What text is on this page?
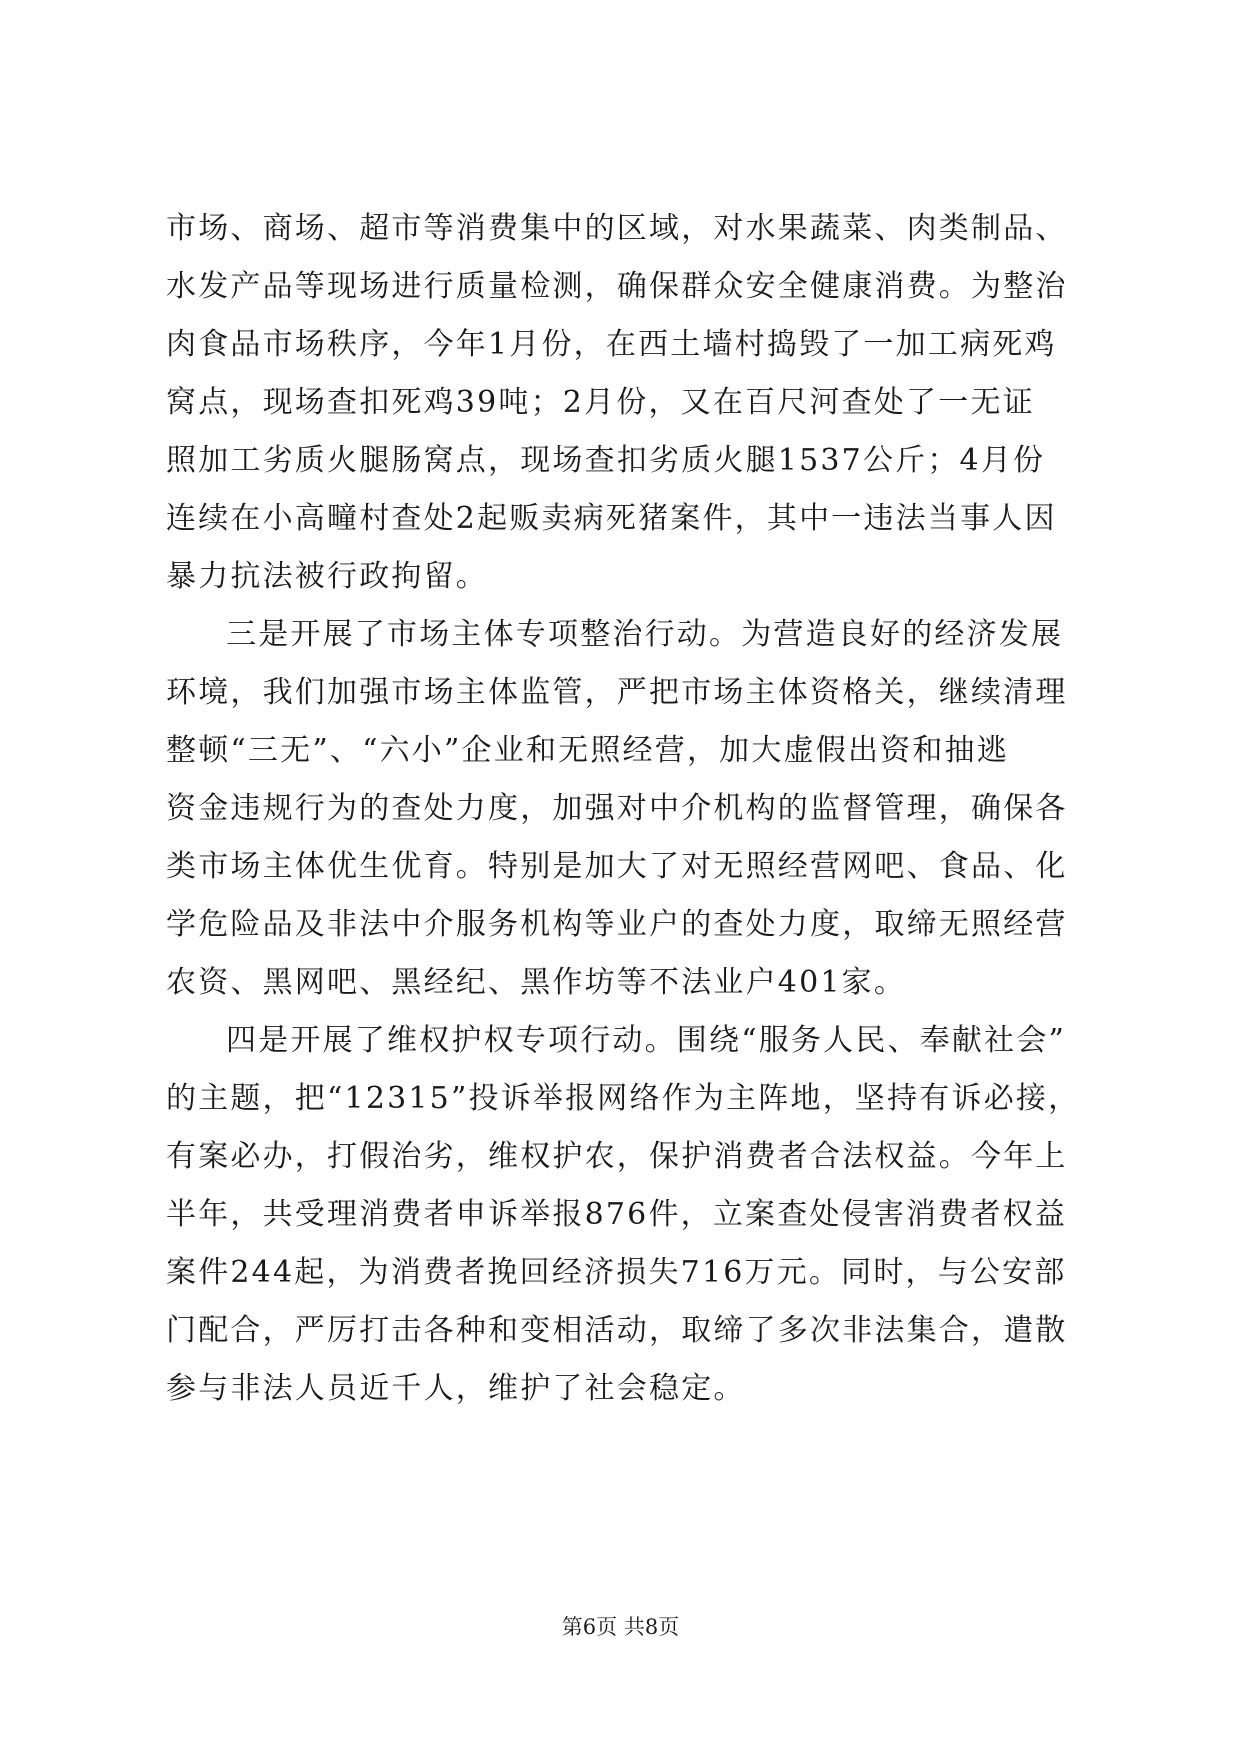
市场、商场、超市等消费集中的区域，对水果蔬菜、肉类制品、
水发产品等现场进行质量检测，确保群众安全健康消费。为整治
肉食品市场秩序，今年1月份，在西土墙村捣毁了一加工病死鸡
窝点，现场查扣死鸡39吨；2月份，又在百尺河查处了一无证
照加工劣质火腿肠窝点，现场查扣劣质火腿1537公斤；4月份
连续在小高疃村查处2起贩卖病死猪案件，其中一违法当事人因
暴力抗法被行政拘留。
三是开展了市场主体专项整治行动。为营造良好的经济发展
环境，我们加强市场主体监管，严把市场主体资格关，继续清理
整顿“三无”、“六小”企业和无照经营，加大虚假出资和抽逃
资金违规行为的查处力度，加强对中介机构的监督管理，确保各
类市场主体优生优育。特别是加大了对无照经营网吧、食品、化
学危险品及非法中介服务机构等业户的查处力度，取缔无照经营
农资、黑网吧、黑经纪、黑作坊等不法业户401家。
四是开展了维权护权专项行动。围绕“服务人民、奉献社会”
的主题，把“12315”投诉举报网络作为主阵地，坚持有诉必接，
有案必办，打假治劣，维权护农，保护消费者合法权益。今年上
半年，共受理消费者申诉举报876件，立案查处侵害消费者权益
案件244起，为消费者挽回经济损失716万元。同时，与公安部
门配合，严厉打击各种和变相活动，取缔了多次非法集合，遣散
参与非法人员近千人，维护了社会稳定。
第6页 共8页
